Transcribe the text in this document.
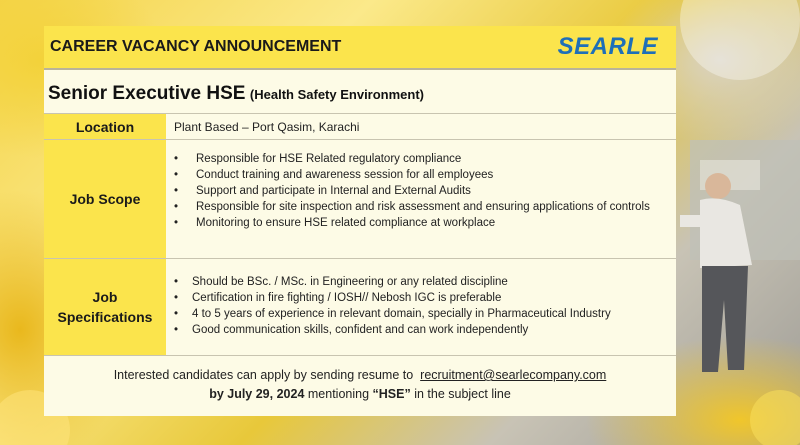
CAREER VACANCY ANNOUNCEMENT	SEARLE
Senior Executive HSE (Health Safety Environment)
Location	Plant Based – Port Qasim, Karachi
Job Scope
• Responsible for HSE Related regulatory compliance
• Conduct training and awareness session for all employees
• Support and participate in Internal and External Audits
• Responsible for site inspection and risk assessment and ensuring applications of controls
• Monitoring to ensure HSE related compliance at workplace
Job
Specifications
• Should be BSc. / MSc. in Engineering or any related discipline
• Certification in fire fighting / IOSH// Nebosh IGC is preferable
• 4 to 5 years of experience in relevant domain, specially in Pharmaceutical Industry
• Good communication skills, confident and can work independently
Interested candidates can apply by sending resume to recruitment@searlecompany.com
by July 29, 2024 mentioning “HSE” in the subject line
